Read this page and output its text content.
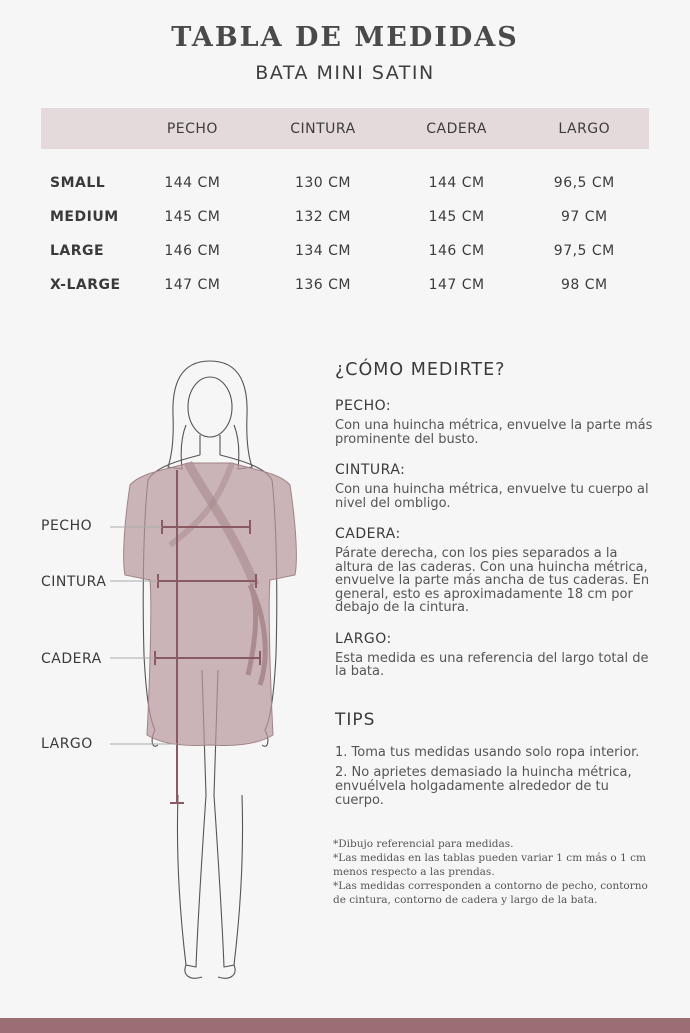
TABLA DE MEDIDAS
BATA MINI SATIN
	PECHO	CINTURA	CADERA	LARGO
SMALL	144 CM	130 CM	144 CM	96,5 CM
MEDIUM	145 CM	132 CM	145 CM	97 CM
LARGE	146 CM	134 CM	146 CM	97,5 CM
X-LARGE	147 CM	136 CM	147 CM	98 CM
PECHO
CINTURA
CADERA
LARGO
¿CÓMO MEDIRTE?
PECHO:

Con una huincha métrica, envuelve la parte más prominente del busto.

CINTURA:

Con una huincha métrica, envuelve tu cuerpo al nivel del ombligo.

CADERA:

Párate derecha, con los pies separados a la altura de las caderas. Con una huincha métrica, envuelve la parte más ancha de tus caderas. En general, esto es aproximadamente 18 cm por debajo de la cintura.

LARGO:

Esta medida es una referencia del largo total de la bata.

TIPS
1. Toma tus medidas usando solo ropa interior.
2. No aprietes demasiado la huincha métrica, envuélvela holgadamente alrededor de tu cuerpo.
*Dibujo referencial para medidas.
*Las medidas en las tablas pueden variar 1 cm más o 1 cm menos respecto a las prendas.
*Las medidas corresponden a contorno de pecho, contorno de cintura, contorno de cadera y largo de la bata.
